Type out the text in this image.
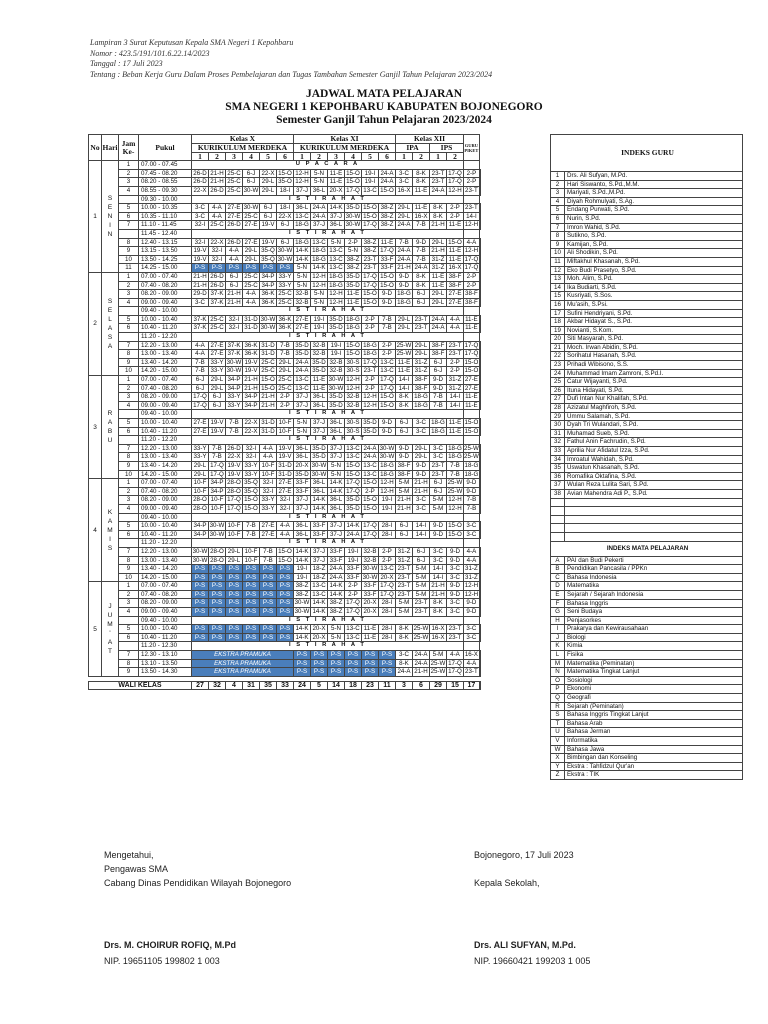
Lampiran 3 Surat Keputusan Kepala SMA Negeri 1 Kepohbaru
Nomor : 423.5/191/101.6.22.14/2023
Tanggal : 17 Juli 2023
Tentang : Beban Kerja Guru Dalam Proses Pembelajaran dan Tugas Tambahan Semester Ganjil Tahun Pelajaran 2023/2024
JADWAL MATA PELAJARAN
SMA NEGERI 1 KEPOHBARU KABUPATEN BOJONEGORO
Semester Ganjil Tahun Pelajaran 2023/2024
No	Hari	Jam Ke-	Pukul	Kelas X						Kelas XI						Kelas XII				GURU PIKET	
				KURIKULUM MERDEKA						KURIKULUM MERDEKA						IPA		IPS			
				1	2	3	4	5	6	1	2	3	4	5	6	1	2	1	2		
1	S E N I N	1	07.00 - 07.45	U P A C A R A																	
		2	07.45 - 08.20	26-D	21-H	25-C	6-J	22-X	15-O	12-H	5-N	11-E	15-O	19-I	24-A	3-C	8-K	23-T	17-Q	2-P	
		3	08.20 - 08.55	26-D	21-H	25-C	6-J	29-L	35-O	12-H	5-N	11-E	15-O	19-I	24-A	3-C	8-K	23-T	17-Q	2-P	
		4	08.55 - 09.30	22-X	26-D	25-C	30-W	29-L	18-I	37-J	36-L	20-X	17-Q	13-C	15-O	16-X	11-E	24-A	12-H	23-T	
			09.30 - 10.00	I S T I R A H A T																	
		5	10.00 - 10.35	3-C	4-A	27-E	30-W	6-J	18-I	36-L	24-A	14-K	35-D	15-O	38-Z	29-L	11-E	8-K	2-P	23-T	
		6	10.35 - 11.10	3-C	4-A	27-E	25-C	6-J	22-X	13-C	24-A	37-J	30-W	15-O	38-Z	29-L	16-X	8-K	2-P	14-I	
		7	11.10 - 11.45	32-I	25-C	26-D	27-E	19-V	6-J	18-G	37-J	36-L	30-W	17-Q	38-Z	24-A	7-B	21-H	11-E	12-H	
			11.45 - 12.40	I S T I R A H A T																	
		8	12.40 - 13.15	32-I	22-X	26-D	27-E	19-V	6-J	18-G	13-C	5-N	2-P	38-Z	11-E	7-B	9-D	29-L	15-O	4-A	
		9	13.15 - 13.50	19-V	32-I	4-A	29-L	35-Q	30-W	14-K	18-G	13-C	5-N	38-Z	17-Q	24-A	7-B	21-H	11-E	12-H	
		10	13.50 - 14.25	19-V	32-I	4-A	29-L	35-Q	30-W	14-K	18-G	13-C	38-Z	23-T	33-F	24-A	7-B	31-Z	11-E	17-Q	
		11	14.25 - 15.00	P-S	P-S	P-S	P-S	P-S	P-S	5-N	14-K	13-C	38-Z	23-T	33-F	21-H	24-A	31-Z	16-X	17-Q	
2	S E L A S A	1	07.00 - 07.40	21-H	26-D	6-J	25-C	34-P	33-Y	5-N	12-H	18-G	35-D	17-Q	15-O	9-D	8-K	11-E	38-F	2-P	
		2	07.40 - 08.20	21-H	26-D	6-J	25-C	34-P	33-Y	5-N	12-H	18-G	35-D	17-Q	15-O	9-D	8-K	11-E	38-F	2-P	
		3	08.20 - 09.00	29-D	37-K	21-H	4-A	36-K	25-C	32-B	5-N	12-H	11-E	15-O	9-D	18-G	6-J	29-L	27-E	38-F	
		4	09.00 - 09.40	3-C	37-K	21-H	4-A	36-K	25-C	32-B	5-N	12-H	11-E	15-O	9-D	18-G	6-J	29-L	27-E	38-F	
			09.40 - 10.00	I S T I R A H A T																	
		5	10.00 - 10.40	37-K	25-C	32-I	31-D	30-W	36-K	27-E	19-I	35-D	18-G	2-P	7-B	29-L	23-T	24-A	4-A	11-E	
		6	10.40 - 11.20	37-K	25-C	32-I	31-D	30-W	36-K	27-E	19-I	35-D	18-G	2-P	7-B	29-L	23-T	24-A	4-A	11-E	
			11.20 - 12.20	I S T I R A H A T																	
		7	12.20 - 13.00	4-A	27-E	37-K	36-K	31-D	7-B	35-D	32-B	19-I	15-O	18-G	2-P	25-W	29-L	38-F	23-T	17-Q	
		8	13.00 - 13.40	4-A	27-E	37-K	36-K	31-D	7-B	35-D	32-B	19-I	15-O	18-G	2-P	25-W	29-L	38-F	23-T	17-Q	
		9	13.40 - 14.20	7-B	33-Y	30-W	19-V	25-C	29-L	24-A	35-D	32-B	30-S	17-Q	13-C	11-E	31-Z	6-J	2-P	15-O	
		10	14.20 - 15.00	7-B	33-Y	30-W	19-V	25-C	29-L	24-A	35-D	32-B	30-S	23-T	13-C	11-E	31-Z	6-J	2-P	15-O	
3	R A B U	1	07.00 - 07.40	6-J	29-L	34-P	21-H	15-O	25-C	13-C	11-E	30-W	12-H	2-P	17-Q	14-I	38-F	9-D	31-Z	27-E	
		2	07.40 - 08.20	6-J	29-L	34-P	21-H	15-O	25-C	13-C	11-E	30-W	12-H	2-P	17-Q	14-I	38-F	9-D	31-Z	27-E	
		3	08.20 - 09.00	17-Q	6-J	33-Y	34-P	21-H	2-P	37-J	36-L	35-D	32-B	12-H	15-O	8-K	18-G	7-B	14-I	11-E	
		4	09.00 - 09.40	17-Q	6-J	33-Y	34-P	21-H	2-P	37-J	36-L	35-D	32-B	12-H	15-O	8-K	18-G	7-B	14-I	11-E	
			09.40 - 10.00	I S T I R A H A T																	
		5	10.00 - 10.40	27-E	19-V	7-B	22-X	31-D	10-F	5-N	37-J	36-L	30-S	35-D	9-D	6-J	3-C	18-G	11-E	15-O	
		6	10.40 - 11.20	27-E	19-V	7-B	22-X	31-D	10-F	5-N	37-J	36-L	30-S	35-D	9-D	6-J	3-C	18-G	11-E	15-O	
			11.20 - 12.20	I S T I R A H A T																	
		7	12.20 - 13.00	33-Y	7-B	26-D	32-I	4-A	19-V	36-L	35-D	37-J	13-C	24-A	30-W	9-D	29-L	3-C	18-G	25-W	
		8	13.00 - 13.40	33-Y	7-B	22-X	32-I	4-A	19-V	36-L	35-D	37-J	13-C	24-A	30-W	9-D	29-L	3-C	18-G	25-W	
		9	13.40 - 14.20	29-L	17-Q	19-V	33-Y	10-F	31-D	20-X	30-W	5-N	15-O	13-C	18-G	38-F	9-D	23-T	7-B	18-G	
		10	14.20 - 15.00	29-L	17-Q	19-V	33-Y	10-F	31-D	35-D	30-W	5-N	15-O	13-C	18-G	38-F	9-D	23-T	7-B	18-G	
4	K A M I S	1	07.00 - 07.40	10-F	34-P	28-O	35-Q	32-I	27-E	33-F	36-L	14-K	17-Q	15-O	12-H	5-M	21-H	6-J	25-W	9-D	
		2	07.40 - 08.20	10-F	34-P	28-O	35-Q	32-I	27-E	33-F	36-L	14-K	17-Q	2-P	12-H	5-M	21-H	6-J	25-W	9-D	
		3	08.20 - 09.00	28-O	10-F	17-Q	15-O	33-Y	32-I	37-J	14-K	36-L	35-D	15-O	19-I	21-H	3-C	5-M	12-H	7-B	
		4	09.00 - 09.40	28-O	10-F	17-Q	15-O	33-Y	32-I	37-J	14-K	36-L	35-D	15-O	19-I	21-H	3-C	5-M	12-H	7-B	
			09.40 - 10.00	I S T I R A H A T																	
		5	10.00 - 10.40	34-P	30-W	10-F	7-B	27-E	4-A	36-L	33-F	37-J	14-K	17-Q	28-I	6-J	14-I	9-D	15-O	3-C	
		6	10.40 - 11.20	34-P	30-W	10-F	7-B	27-E	4-A	36-L	33-F	37-J	24-A	17-Q	28-I	6-J	14-I	9-D	15-O	3-C	
			11.20 - 12.20	I S T I R A H A T																	
		7	12.20 - 13.00	30-W	28-O	29-L	10-F	7-B	15-O	14-K	37-J	33-F	19-I	32-B	2-P	31-Z	6-J	3-C	9-D	4-A	
		8	13.00 - 13.40	30-W	28-O	29-L	10-F	7-B	15-O	14-K	37-J	33-F	19-I	32-B	2-P	31-Z	6-J	3-C	9-D	4-A	
		9	13.40 - 14.20	P-S	P-S	P-S	P-S	P-S	P-S	19-I	18-Z	24-A	33-F	30-W	13-C	23-T	5-M	14-I	3-C	31-Z	
		10	14.20 - 15.00	P-S	P-S	P-S	P-S	P-S	P-S	19-I	18-Z	24-A	33-F	30-W	20-X	23-T	5-M	14-I	3-C	31-Z	
5	J U M ' A T	1	07.00 - 07.40	P-S	P-S	P-S	P-S	P-S	P-S	38-Z	13-C	14-K	2-P	33-F	17-Q	23-T	5-M	21-H	9-D	12-H	
		2	07.40 - 08.20	P-S	P-S	P-S	P-S	P-S	P-S	38-Z	13-C	14-K	2-P	33-F	17-Q	23-T	5-M	21-H	9-D	12-H	
		3	08.20 - 09.00	P-S	P-S	P-S	P-S	P-S	P-S	30-W	14-K	38-Z	17-Q	20-X	28-I	5-M	23-T	8-K	3-C	9-D	
		4	09.00 - 09.40	P-S	P-S	P-S	P-S	P-S	P-S	30-W	14-K	38-Z	17-Q	20-X	28-I	5-M	23-T	8-K	3-C	9-D	
			09.40 - 10.00	I S T I R A H A T																	
		5	10.00 - 10.40	P-S	P-S	P-S	P-S	P-S	P-S	14-K	20-X	5-N	13-C	11-E	28-I	8-K	25-W	16-X	23-T	3-C	
		6	10.40 - 11.20	P-S	P-S	P-S	P-S	P-S	P-S	14-K	20-X	5-N	13-C	11-E	28-I	8-K	25-W	16-X	23-T	3-C	
			11.20 - 12.30	I S T I R A H A T																	
		7	12.30 - 13.10	EKSTRA PRAMUKA						P-S	P-S	P-S	P-S	P-S	P-S	3-C	24-A	5-M	4-A	16-X	
		8	13.10 - 13.50	EKSTRA PRAMUKA						P-S	P-S	P-S	P-S	P-S	P-S	8-K	24-A	25-W	17-Q	4-A	
		9	13.50 - 14.30	EKSTRA PRAMUKA						P-S	P-S	P-S	P-S	P-S	P-S	24-A	21-H	25-W	17-Q	23-T	

WALI KELAS				27	32	4	31	35	33	24	5	14	18	23	11	3	6	29	15	17	
INDEKS GURU	
1	Drs. Ali Sufyan, M.Pd.
2	Hari Siswanto, S.Pd.,M.M.
3	Mariyati, S.Pd.,M.Pd.
4	Diyah Rohmulyati, S.Ag.
5	Endang Purwati, S.Pd.
6	Nurin, S.Pd.
7	Imron Wahid, S.Pd.
8	Sutikno, S.Pd.
9	Kamijan, S.Pd.
10	Ali Shodikin, S.Pd.
11	Miftakhul Khasanah, S.Pd.
12	Eko Budi Prasetyo, S.Pd.
13	Moh. Alim, S.Pd.
14	Ika Budiarti, S.Pd.
15	Kusriyati, S.Sos.
16	Mu'asih, S.Psi.
17	Sufini Hendriyani, S.Pd.
18	Akbar Hidayat S., S.Pd.
19	Novianti, S.Kom.
20	Siti Masyarah, S.Pd.
21	Moch. Irwan Abidin, S.Pd.
22	Sorihatul Hasanah, S.Pd.
23	Prihadi Wibisono, S.S.
24	Muhammad Imam Zamroni, S.Pd.I.
25	Catur Wijayanti, S.Pd.
26	Ituna Hidayati, S.Pd.
27	Dufi Intan Nur Khalifah, S.Pd.
28	Azizatul Maghfiroh, S.Pd.
29	Ummu Salamah, S.Pd.
30	Dyah Tri Wulandari, S.Pd.
31	Muhamad Sueb, S.Pd.
32	Fathul Anin Fachrudin, S.Pd.
33	Aprilia Nur Afidatul Izza, S.Pd.
34	Imroatul Wahidah, S.Pd.
35	Uswatun Khasanah, S.Pd.
36	Romafika Oktafina, S.Pd.
37	Wulan Reza Lulita Sari, S.Pd.
38	Avian Mahendra Adi P., S.Pd.

INDEKS MATA PELAJARAN	
A	PAI dan Budi Pekerti
B	Pendidikan Pancasila / PPKn
C	Bahasa Indonesia
D	Matematika
E	Sejarah / Sejarah Indonesia
F	Bahasa Inggris
G	Seni Budaya
H	Penjasorkes
I	Prakarya dan Kewirausahaan
J	Biologi
K	Kimia
L	Fisika
M	Matematika (Peminatan)
N	Matematika Tingkat Lanjut
O	Sosiologi
P	Ekonomi
Q	Geografi
R	Sejarah (Peminatan)
S	Bahasa Inggris Tingkat Lanjut
T	Bahasa Arab
U	Bahasa Jerman
V	Informatika
W	Bahasa Jawa
X	Bimbingan dan Konseling
Y	Ekstra : Tahfidzul Qur'an
Z	Ekstra : TIK
Mengetahui,
Pengawas SMA
Cabang Dinas Pendidikan Wilayah Bojonegoro
Drs. M. CHOIRUR ROFIQ, M.Pd
NIP. 19651105 199802 1 003
Bojonegoro, 17 Juli 2023
Kepala Sekolah,
Drs. ALI SUFYAN, M.Pd.
NIP. 19660421 199203 1 005
